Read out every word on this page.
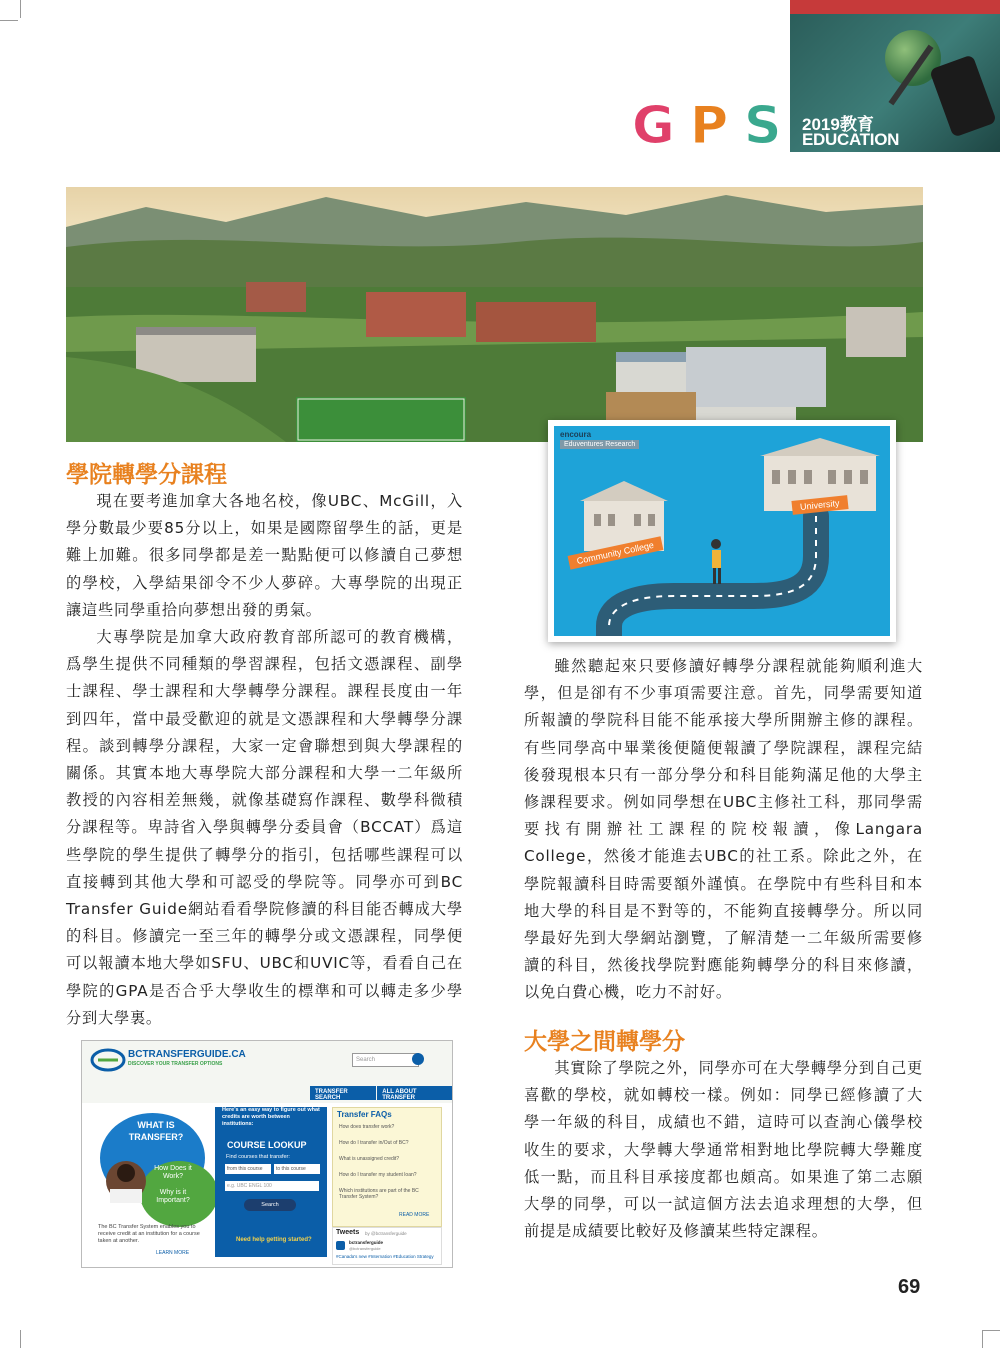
G P S 2019教育
EDUCATION
encoura
Eduventures Research
University
Community College
學院轉學分課程

現在要考進加拿大各地名校，像UBC、McGill，入學分數最少要85分以上，如果是國際留學生的話，更是難上加難。很多同學都是差一點點便可以修讀自己夢想的學校，入學結果卻令不少人夢碎。大專學院的出現正讓這些同學重拾向夢想出發的勇氣。

大專學院是加拿大政府教育部所認可的教育機構，爲學生提供不同種類的學習課程，包括文憑課程、副學士課程、學士課程和大學轉學分課程。課程長度由一年到四年，當中最受歡迎的就是文憑課程和大學轉學分課程。談到轉學分課程，大家一定會聯想到與大學課程的關係。其實本地大專學院大部分課程和大學一二年級所教授的內容相差無幾，就像基礎寫作課程、數學科微積分課程等。卑詩省入學與轉學分委員會（BCCAT）爲這些學院的學生提供了轉學分的指引，包括哪些課程可以直接轉到其他大學和可認受的學院等。同學亦可到BC Transfer Guide網站看看學院修讀的科目能否轉成大學的科目。修讀完一至三年的轉學分或文憑課程，同學便可以報讀本地大學如SFU、UBC和UVIC等，看看自己在學院的GPA是否合乎大學收生的標準和可以轉走多少學分到大學裏。

雖然聽起來只要修讀好轉學分課程就能夠順利進大學，但是卻有不少事項需要注意。首先，同學需要知道所報讀的學院科目能不能承接大學所開辦主修的課程。有些同學高中畢業後便隨便報讀了學院課程，課程完結後發現根本只有一部分學分和科目能夠滿足他的大學主修課程要求。例如同學想在UBC主修社工科，那同學需要找有開辦社工課程的院校報讀，像Langara College，然後才能進去UBC的社工系。除此之外，在學院報讀科目時需要額外謹慎。在學院中有些科目和本地大學的科目是不對等的，不能夠直接轉學分。所以同學最好先到大學網站瀏覽，了解清楚一二年級所需要修讀的科目，然後找學院對應能夠轉學分的科目來修讀，以免白費心機，吃力不討好。

大學之間轉學分

其實除了學院之外，同學亦可在大學轉學分到自己更喜歡的學校，就如轉校一樣。例如：同學已經修讀了大學一年級的科目，成績也不錯，這時可以查詢心儀學校收生的要求，大學轉大學通常相對地比學院轉大學難度低一點，而且科目承接度都也頗高。如果進了第二志願大學的同學，可以一試這個方法去追求理想的大學，但前提是成績要比較好及修讀某些特定課程。

BCTRANSFERGUIDE.CA
DISCOVER YOUR TRANSFER OPTIONS
Search
TRANSFER SEARCH
ALL ABOUT TRANSFER
WHAT IS TRANSFER?
How Does it Work?
Why is it Important?
The BC Transfer System enables you to receive credit at an institution for a course taken at another.
LEARN MORE
Here's an easy way to figure out what credits are worth between institutions:
COURSE LOOKUP
Find courses that transfer:
from this course	to this course
e.g. UBC ENGL 100
Search
Need help getting started?
Transfer FAQs
How does transfer work?
How do I transfer in/Out of BC?
What is unassigned credit?
How do I transfer my student loan?
Which institutions are part of the BC Transfer System?
READ MORE
Tweets by @bctransferguide
bctransferguide
@bctransferguide
#Canada's new #Internation #Education Strategy
69
